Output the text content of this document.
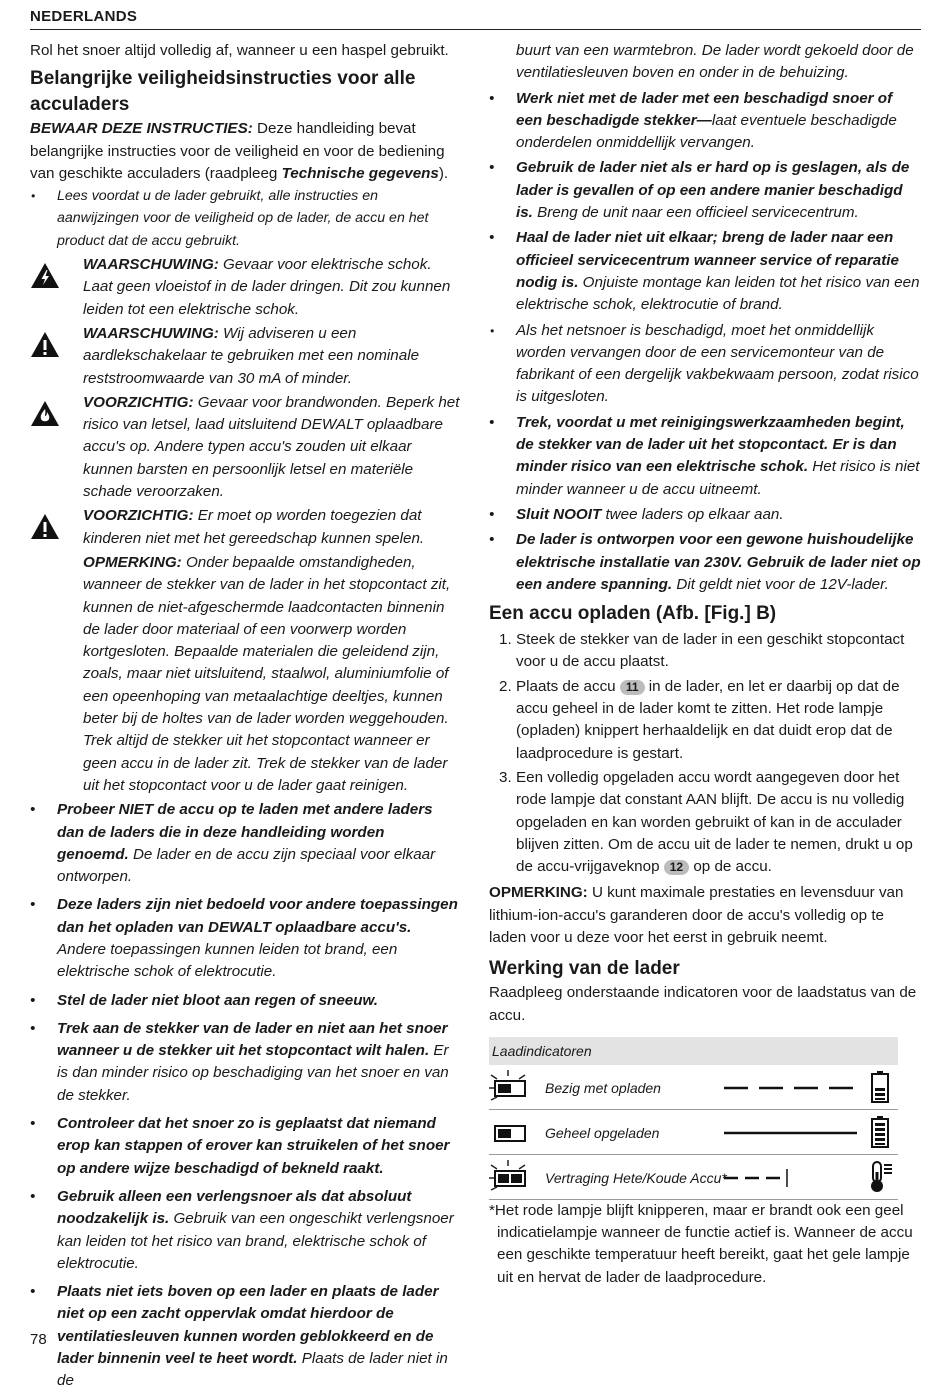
NEDERLANDS

Rol het snoer altijd volledig af, wanneer u een haspel gebruikt.

Belangrijke veiligheidsinstructies voor alle acculaders

BEWAAR DEZE INSTRUCTIES: Deze handleiding bevat belangrijke instructies voor de veiligheid en voor de bediening van geschikte acculaders (raadpleeg Technische gegevens).

• Lees voordat u de lader gebruikt, alle instructies en aanwijzingen voor de veiligheid op de lader, de accu en het product dat de accu gebruikt.

WAARSCHUWING: Gevaar voor elektrische schok. Laat geen vloeistof in de lader dringen. Dit zou kunnen leiden tot een elektrische schok.
WAARSCHUWING: Wij adviseren u een aardlekschakelaar te gebruiken met een nominale reststroomwaarde van 30 mA of minder.
VOORZICHTIG: Gevaar voor brandwonden. Beperk het risico van letsel, laad uitsluitend DEWALT oplaadbare accu's op. Andere typen accu's zouden uit elkaar kunnen barsten en persoonlijk letsel en materiële schade veroorzaken.
VOORZICHTIG: Er moet op worden toegezien dat kinderen niet met het gereedschap kunnen spelen.
OPMERKING: Onder bepaalde omstandigheden, wanneer de stekker van de lader in het stopcontact zit, kunnen de niet-afgeschermde laadcontacten binnenin de lader door materiaal of een voorwerp worden kortgesloten. Bepaalde materialen die geleidend zijn, zoals, maar niet uitsluitend, staalwol, aluminiumfolie of een opeenhoping van metaalachtige deeltjes, kunnen beter bij de holtes van de lader worden weggehouden. Trek altijd de stekker uit het stopcontact wanneer er geen accu in de lader zit. Trek de stekker van de lader uit het stopcontact voor u de lader gaat reinigen.

• Probeer NIET de accu op te laden met andere laders dan de laders die in deze handleiding worden genoemd. De lader en de accu zijn speciaal voor elkaar ontworpen.

• Deze laders zijn niet bedoeld voor andere toepassingen dan het opladen van DEWALT oplaadbare accu's. Andere toepassingen kunnen leiden tot brand, een elektrische schok of elektrocutie.

• Stel de lader niet bloot aan regen of sneeuw.

• Trek aan de stekker van de lader en niet aan het snoer wanneer u de stekker uit het stopcontact wilt halen. Er is dan minder risico op beschadiging van het snoer en van de stekker.

• Controleer dat het snoer zo is geplaatst dat niemand erop kan stappen of erover kan struikelen of het snoer op andere wijze beschadigd of bekneld raakt.

• Gebruik alleen een verlengsnoer als dat absoluut noodzakelijk is. Gebruik van een ongeschikt verlengsnoer kan leiden tot het risico van brand, elektrische schok of elektrocutie.

• Plaats niet iets boven op een lader en plaats de lader niet op een zacht oppervlak omdat hierdoor de ventilatiesleuven kunnen worden geblokkeerd en de lader binnenin veel te heet wordt. Plaats de lader niet in de

buurt van een warmtebron. De lader wordt gekoeld door de ventilatiesleuven boven en onder in de behuizing.

• Werk niet met de lader met een beschadigd snoer of een beschadigde stekker—laat eventuele beschadigde onderdelen onmiddellijk vervangen.

• Gebruik de lader niet als er hard op is geslagen, als de lader is gevallen of op een andere manier beschadigd is. Breng de unit naar een officieel servicecentrum.

• Haal de lader niet uit elkaar; breng de lader naar een officieel servicecentrum wanneer service of reparatie nodig is. Onjuiste montage kan leiden tot het risico van een elektrische schok, elektrocutie of brand.

• Als het netsnoer is beschadigd, moet het onmiddellijk worden vervangen door de een servicemonteur van de fabrikant of een dergelijk vakbekwaam persoon, zodat risico is uitgesloten.

• Trek, voordat u met reinigingswerkzaamheden begint, de stekker van de lader uit het stopcontact. Er is dan minder risico van een elektrische schok. Het risico is niet minder wanneer u de accu uitneemt.

• Sluit NOOIT twee laders op elkaar aan.

• De lader is ontworpen voor een gewone huishoudelijke elektrische installatie van 230V. Gebruik de lader niet op een andere spanning. Dit geldt niet voor de 12V-lader.

Een accu opladen (Afb. [Fig.] B)
1. Steek de stekker van de lader in een geschikt stopcontact voor u de accu plaatst.
2. Plaats de accu 11 in de lader, en let er daarbij op dat de accu geheel in de lader komt te zitten. Het rode lampje (opladen) knippert herhaaldelijk en dat duidt erop dat de laadprocedure is gestart.
3. Een volledig opgeladen accu wordt aangegeven door het rode lampje dat constant AAN blijft. De accu is nu volledig opgeladen en kan worden gebruikt of kan in de acculader blijven zitten. Om de accu uit de lader te nemen, drukt u op de accu-vrijgaveknop 12 op de accu.

OPMERKING: U kunt maximale prestaties en levensduur van lithium-ion-accu's garanderen door de accu's volledig op te laden voor u deze voor het eerst in gebruik neemt.

Werking van de lader

Raadpleeg onderstaande indicatoren voor de laadstatus van de accu.

Laadindicatoren
Bezig met opladen
Geheel opgeladen
Vertraging Hete/Koude Accu*

*Het rode lampje blijft knipperen, maar er brandt ook een geel indicatielampje wanneer de functie actief is. Wanneer de accu een geschikte temperatuur heeft bereikt, gaat het gele lampje uit en hervat de lader de laadprocedure.

78
